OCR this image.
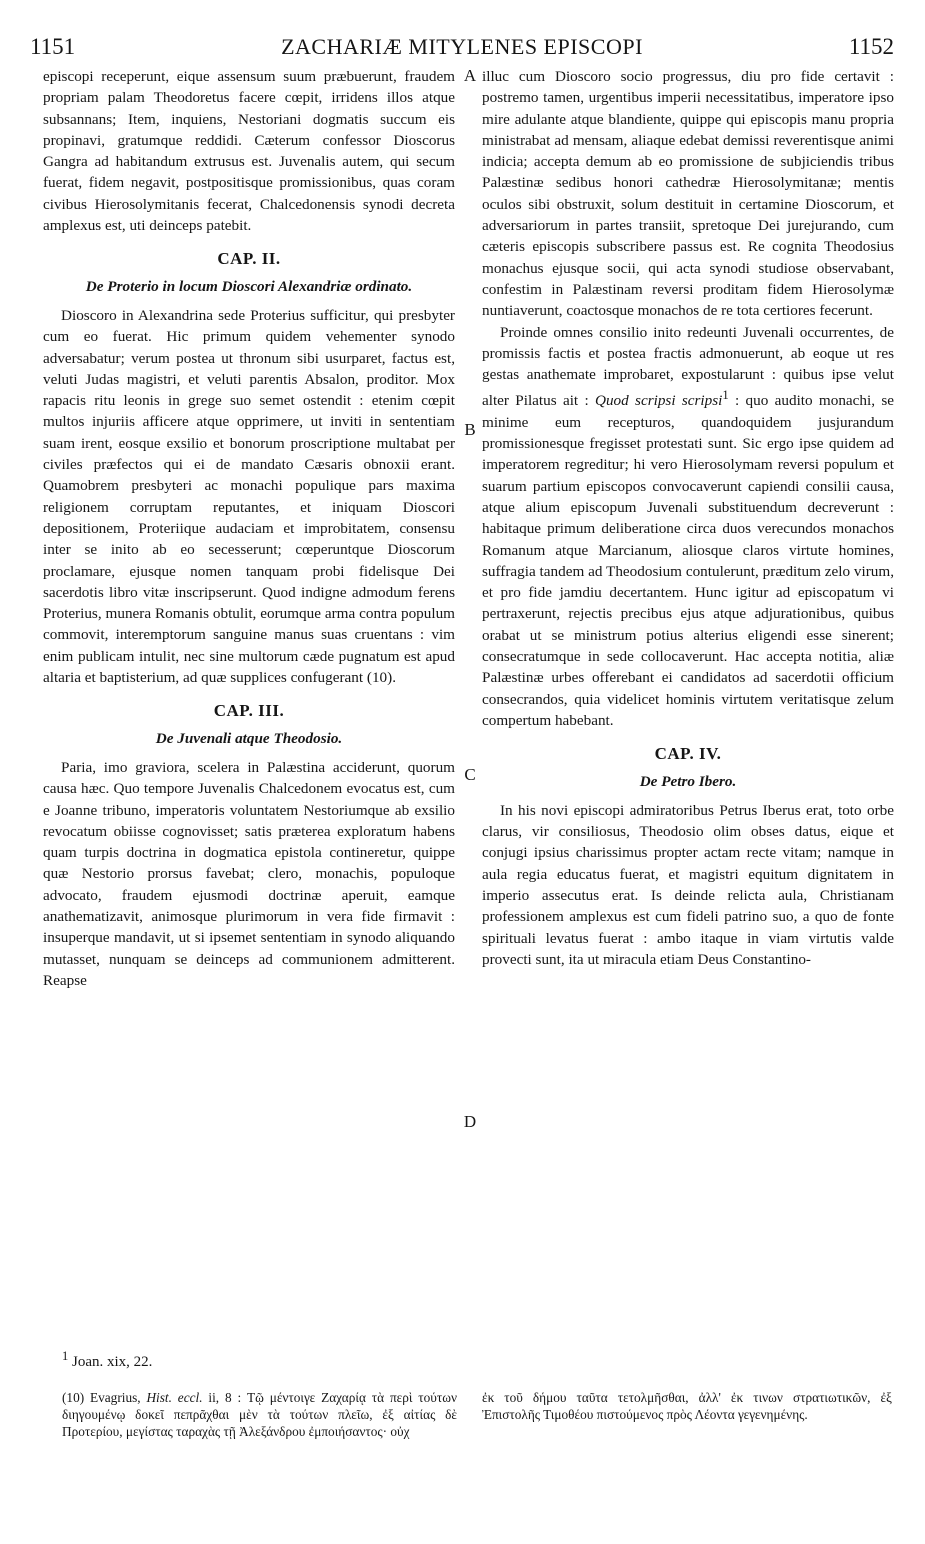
1151	ZACHARIÆ MITYLENES EPISCOPI	1152

episcopi receperunt, eique assensum suum præbuerunt, fraudem propriam palam Theodoretus facere cœpit, irridens illos atque subsannans; Item, inquiens, Nestoriani dogmatis succum eis propinavi, gratumque reddidi. Cæterum confessor Dioscorus Gangra ad habitandum extrusus est. Juvenalis autem, qui secum fuerat, fidem negavit, postpositisque promissionibus, quas coram civibus Hierosolymitanis fecerat, Chalcedonensis synodi decreta amplexus est, uti deinceps patebit.

CAP. II.
De Proterio in locum Dioscori Alexandriæ ordinato.

Dioscoro in Alexandrina sede Proterius sufficitur, qui presbyter cum eo fuerat. Hic primum quidem vehementer synodo adversabatur; verum postea ut thronum sibi usurparet, factus est, veluti Judas magistri, et veluti parentis Absalon, proditor. Mox rapacis ritu leonis in grege suo semet ostendit : etenim cœpit multos injuriis afficere atque opprimere, ut inviti in sententiam suam irent, eosque exsilio et bonorum proscriptione multabat per civiles præfectos qui ei de mandato Cæsaris obnoxii erant. Quamobrem presbyteri ac monachi populique pars maxima religionem corruptam reputantes, et iniquam Dioscori depositionem, Proteriique audaciam et improbitatem, consensu inter se inito ab eo secesserunt; cœperuntque Dioscorum proclamare, ejusque nomen tanquam probi fidelisque Dei sacerdotis libro vitæ inscripserunt. Quod indigne admodum ferens Proterius, munera Romanis obtulit, eorumque arma contra populum commovit, interemptorum sanguine manus suas cruentans : vim enim publicam intulit, nec sine multorum cæde pugnatum est apud altaria et baptisterium, ad quæ supplices confugerant (10).

CAP. III.
De Juvenali atque Theodosio.

Paria, imo graviora, scelera in Palæstina acciderunt, quorum causa hæc. Quo tempore Juvenalis Chalcedonem evocatus est, cum e Joanne tribuno, imperatoris voluntatem Nestoriumque ab exsilio revocatum obiisse cognovisset; satis præterea exploratum habens quam turpis doctrina in dogmatica epistola contineretur, quippe quæ Nestorio prorsus favebat; clero, monachis, populoque advocato, fraudem ejusmodi doctrinæ aperuit, eamque anathematizavit, animosque plurimorum in vera fide firmavit : insuperque mandavit, ut si ipsemet sententiam in synodo aliquando mutasset, nunquam se deinceps ad communionem admitterent. Reapse

A
B
C
D

illuc cum Dioscoro socio progressus, diu pro fide certavit : postremo tamen, urgentibus imperii necessitatibus, imperatore ipso mire adulante atque blandiente, quippe qui episcopis manu propria ministrabat ad mensam, aliaque edebat demissi reverentisque animi indicia; accepta demum ab eo promissione de subjiciendis tribus Palæstinæ sedibus honori cathedræ Hierosolymitanæ; mentis oculos sibi obstruxit, solum destituit in certamine Dioscorum, et adversariorum in partes transiit, spretoque Dei jurejurando, cum cæteris episcopis subscribere passus est. Re cognita Theodosius monachus ejusque socii, qui acta synodi studiose observabant, confestim in Palæstinam reversi proditam fidem Hierosolymæ nuntiaverunt, coactosque monachos de re tota certiores fecerunt.

Proinde omnes consilio inito redeunti Juvenali occurrentes, de promissis factis et postea fractis admonuerunt, ab eoque ut res gestas anathemate improbaret, expostularunt : quibus ipse velut alter Pilatus ait : Quod scripsi scripsi$^1$ : quo audito monachi, se minime eum recepturos, quandoquidem jusjurandum promissionesque fregisset protestati sunt. Sic ergo ipse quidem ad imperatorem regreditur; hi vero Hierosolymam reversi populum et suarum partium episcopos convocaverunt capiendi consilii causa, atque alium episcopum Juvenali substituendum decreverunt : habitaque primum deliberatione circa duos verecundos monachos Romanum atque Marcianum, aliosque claros virtute homines, suffragia tandem ad Theodosium contulerunt, præditum zelo virum, et pro fide jamdiu decertantem. Hunc igitur ad episcopatum vi pertraxerunt, rejectis precibus ejus atque adjurationibus, quibus orabat ut se ministrum potius alterius eligendi esse sinerent; consecratumque in sede collocaverunt. Hac accepta notitia, aliæ Palæstinæ urbes offerebant ei candidatos ad sacerdotii officium consecrandos, quia videlicet hominis virtutem veritatisque zelum compertum habebant.

CAP. IV.
De Petro Ibero.

In his novi episcopi admiratoribus Petrus Iberus erat, toto orbe clarus, vir consiliosus, Theodosio olim obses datus, eique et conjugi ipsius charissimus propter actam recte vitam; namque in aula regia educatus fuerat, et magistri equitum dignitatem in imperio assecutus erat. Is deinde relicta aula, Christianam professionem amplexus est cum fideli patrino suo, a quo de fonte spirituali levatus fuerat : ambo itaque in viam virtutis valde provecti sunt, ita ut miracula etiam Deus Constantino-

$^1$ Joan. xix, 22.
(10) Evagrius, Hist. eccl. ii, 8 : Τῷ μέντοιγε Ζαχαρίᾳ τὰ περὶ τούτων διηγουμένῳ δοκεῖ πεπρᾶχθαι μὲν τὰ τούτων πλεῖω, ἐξ αἰτίας δὲ Προτερίου, μεγίστας ταραχὰς τῇ Ἀλεξάνδρου ἐμποιήσαντος· οὐχ
ἐκ τοῦ δήμου ταῦτα τετολμῆσθαι, ἀλλ' ἐκ τινων στρατιωτικῶν, ἐξ Ἐπιστολῆς Τιμοθέου πιστούμενος πρὸς Λέοντα γεγενημένης.
